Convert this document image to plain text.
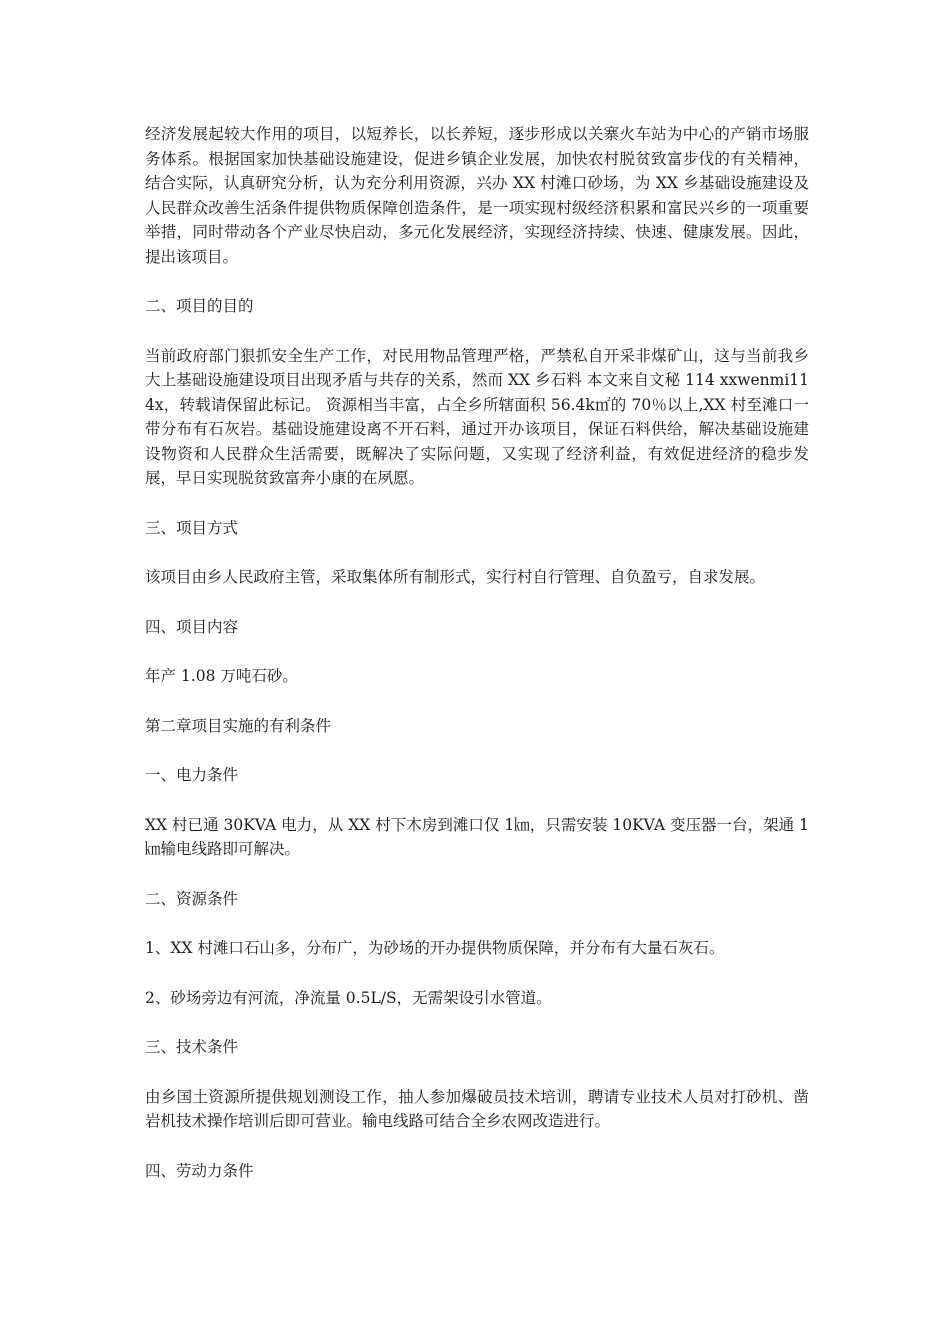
经济发展起较大作用的项目，以短养长，以长养短，逐步形成以关寨火车站为中心的产销市场服务体系。根据国家加快基础设施建设，促进乡镇企业发展，加快农村脱贫致富步伐的有关精神，结合实际，认真研究分析，认为充分利用资源，兴办 XX 村滩口砂场，为 XX 乡基础设施建设及人民群众改善生活条件提供物质保障创造条件，是一项实现村级经济积累和富民兴乡的一项重要举措，同时带动各个产业尽快启动，多元化发展经济，实现经济持续、快速、健康发展。因此，提出该项目。

二、项目的目的

当前政府部门狠抓安全生产工作，对民用物品管理严格，严禁私自开采非煤矿山，这与当前我乡大上基础设施建设项目出现矛盾与共存的关系，然而 XX 乡石料 本文来自文秘 114 xxwenmi114x，转载请保留此标记。 资源相当丰富，占全乡所辖面积 56.4k㎡的 70％以上,XX 村至滩口一带分布有石灰岩。基础设施建设离不开石料，通过开办该项目，保证石料供给，解决基础设施建设物资和人民群众生活需要，既解决了实际问题，又实现了经济利益，有效促进经济的稳步发展，早日实现脱贫致富奔小康的在夙愿。

三、项目方式

该项目由乡人民政府主管，采取集体所有制形式，实行村自行管理、自负盈亏，自求发展。

四、项目内容

年产 1.08 万吨石砂。

第二章项目实施的有利条件

一、电力条件

XX 村已通 30KVA 电力，从 XX 村下木房到滩口仅 1㎞，只需安装 10KVA 变压器一台，架通 1㎞输电线路即可解决。

二、资源条件

1、XX 村滩口石山多，分布广，为砂场的开办提供物质保障，并分布有大量石灰石。

2、砂场旁边有河流，净流量 0.5L/S，无需架设引水管道。

三、技术条件

由乡国土资源所提供规划测设工作，抽人参加爆破员技术培训，聘请专业技术人员对打砂机、凿岩机技术操作培训后即可营业。输电线路可结合全乡农网改造进行。

四、劳动力条件
